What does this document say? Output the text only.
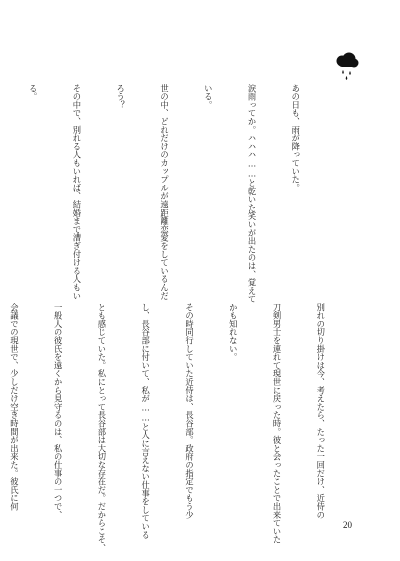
あの日も、雨が降っていた。

涙雨ってか。ハハハ……と乾いた笑いが出たのは、覚えて

いる。

世の中、どれだけのカップルが遠距離恋愛をしているんだ

ろう？

その中で、別れる人もいれば、結婚まで漕ぎ付ける人もい

る。

別れの切り掛けは今、考えたら、たった一回だけ、近侍の

刀剣男士を連れて現世に戻った時。彼と会ったことで出来ていた

かも知れない。

その時同行していた近侍は、長谷部。政府の指定でもう少

し、長谷部に付いて、私が……と人に言えない仕事をしている

とも感じていた。私にとって長谷部は大切な存在だ。だからこそ、

一般人の彼氏を遠くから見守るのは、私の仕事の一つで、

会議での現世で、少しだけ空き時間が出来た。彼氏に何

20
